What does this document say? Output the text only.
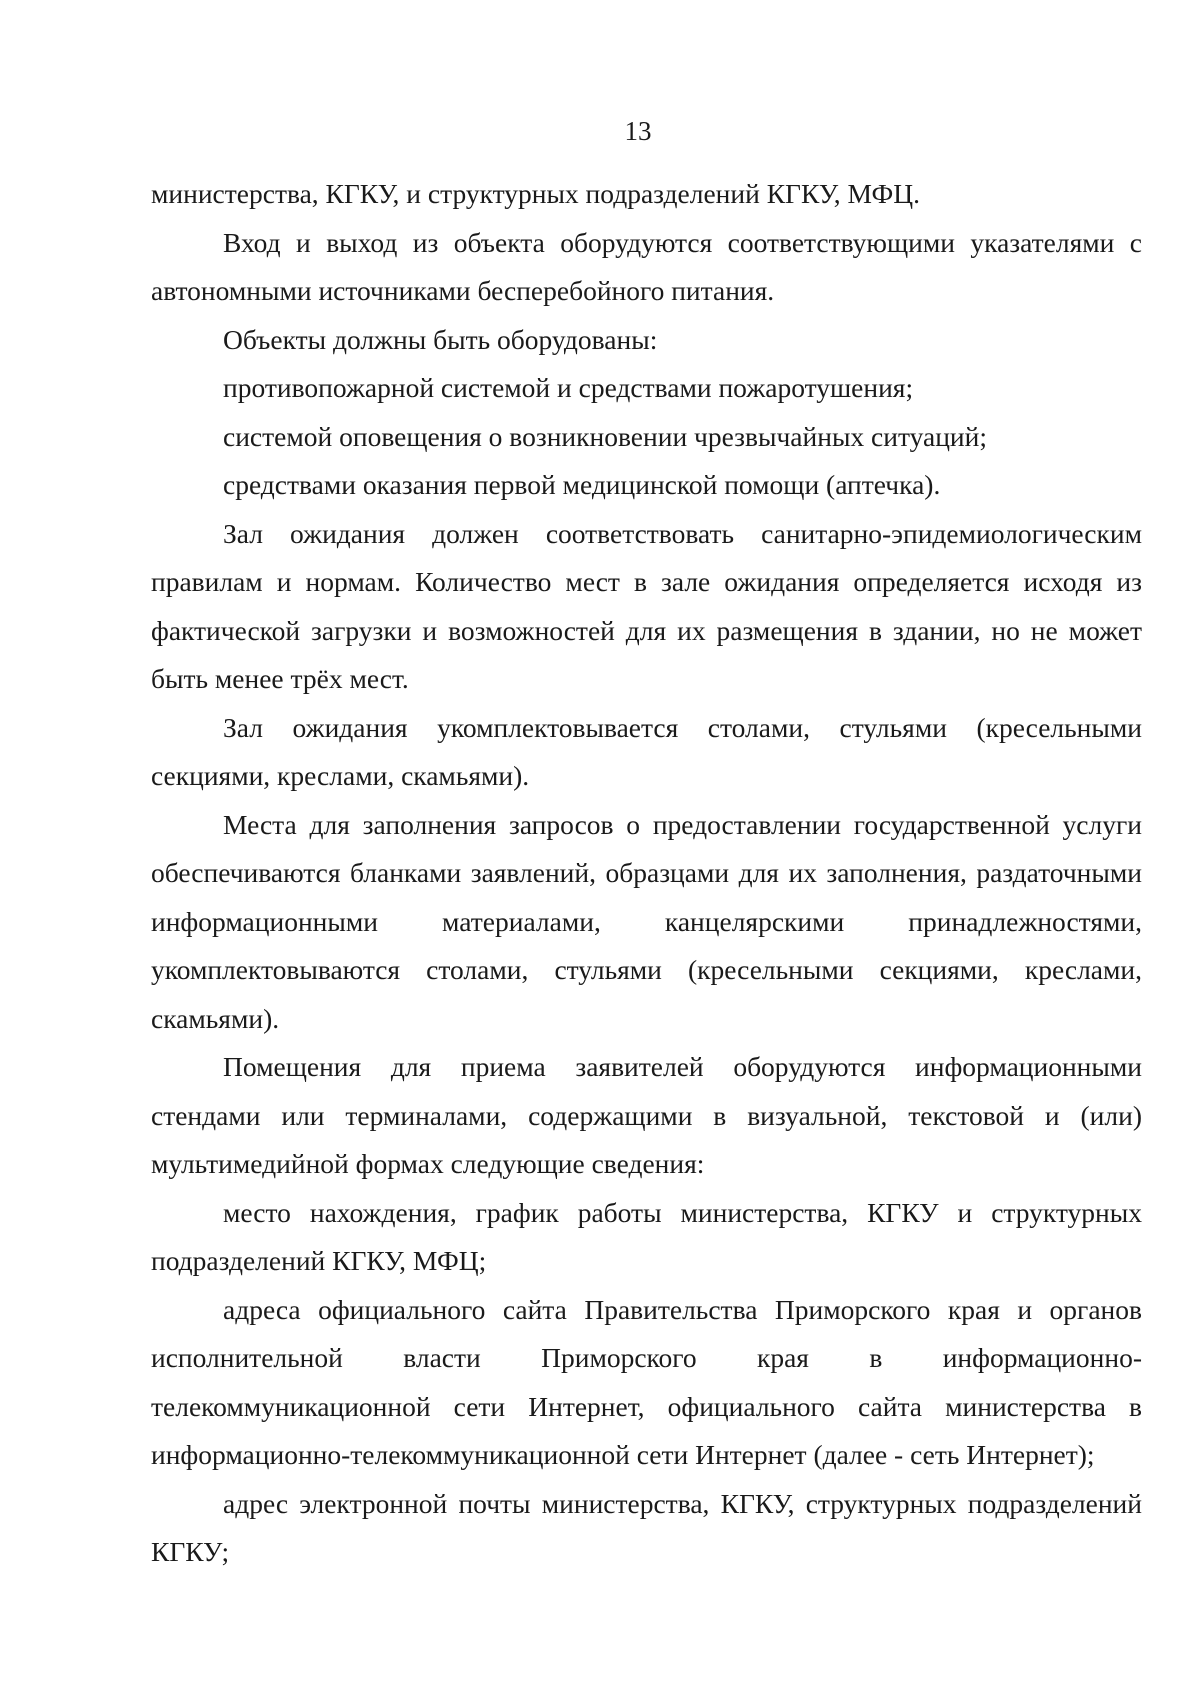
13

министерства, КГКУ, и структурных подразделений КГКУ, МФЦ.

Вход и выход из объекта оборудуются соответствующими указателями с автономными источниками бесперебойного питания.

Объекты должны быть оборудованы:

противопожарной системой и средствами пожаротушения;

системой оповещения о возникновении чрезвычайных ситуаций;

средствами оказания первой медицинской помощи (аптечка).

Зал ожидания должен соответствовать санитарно-эпидемиологическим правилам и нормам. Количество мест в зале ожидания определяется исходя из фактической загрузки и возможностей для их размещения в здании, но не может быть менее трёх мест.

Зал ожидания укомплектовывается столами, стульями (кресельными секциями, креслами, скамьями).

Места для заполнения запросов о предоставлении государственной услуги обеспечиваются бланками заявлений, образцами для их заполнения, раздаточными информационными материалами, канцелярскими принадлежностями, укомплектовываются столами, стульями (кресельными секциями, креслами, скамьями).

Помещения для приема заявителей оборудуются информационными стендами или терминалами, содержащими в визуальной, текстовой и (или) мультимедийной формах следующие сведения:

место нахождения, график работы министерства, КГКУ и структурных подразделений КГКУ, МФЦ;

адреса официального сайта Правительства Приморского края и органов исполнительной власти Приморского края в информационно-телекоммуникационной сети Интернет, официального сайта министерства в информационно-телекоммуникационной сети Интернет (далее - сеть Интернет);

адрес электронной почты министерства, КГКУ, структурных подразделений КГКУ;
